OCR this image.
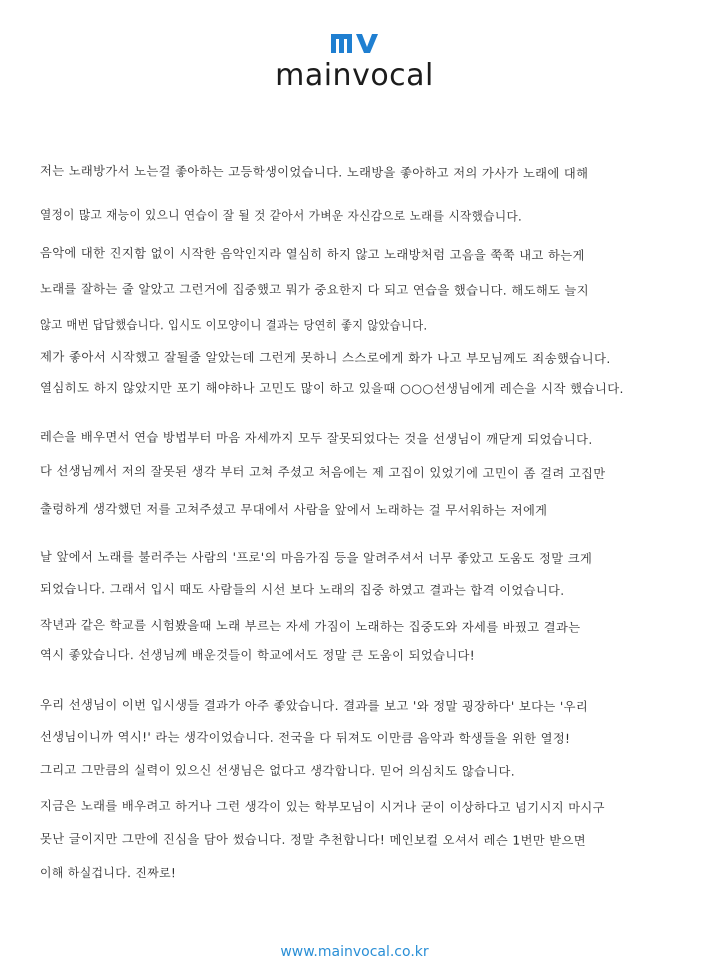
mainvocal
저는 노래방가서 노는걸 좋아하는 고등학생이었습니다. 노래방을 좋아하고 저의 가사가 노래에 대해
열정이 많고 재능이 있으니 연습이 잘 될 것 같아서 가벼운 자신감으로 노래를 시작했습니다.
음악에 대한 진지함 없이 시작한 음악인지라 열심히 하지 않고 노래방처럼 고음을 쭉쭉 내고 하는게
노래를 잘하는 줄 알았고 그런거에 집중했고 뭐가 중요한지 다 되고 연습을 했습니다. 해도해도 늘지
않고 매번 답답했습니다. 입시도 이모양이니 결과는 당연히 좋지 않았습니다.
제가 좋아서 시작했고 잘될줄 알았는데 그런게 못하니 스스로에게 화가 나고 부모님께도 죄송했습니다.
열심히도 하지 않았지만 포기 해야하나 고민도 많이 하고 있을때 ○○○선생님에게 레슨을 시작 했습니다.
레슨을 배우면서 연습 방법부터 마음 자세까지 모두 잘못되었다는 것을 선생님이 깨닫게 되었습니다.
다 선생님께서 저의 잘못된 생각 부터 고쳐 주셨고 처음에는 제 고집이 있었기에 고민이 좀 걸려 고집만
출렁하게 생각했던 저를 고쳐주셨고 무대에서 사람을 앞에서 노래하는 걸 무서워하는 저에게
날 앞에서 노래를 불러주는 사람의 '프로'의 마음가짐 등을 알려주셔서 너무 좋았고 도움도 정말 크게
되었습니다. 그래서 입시 때도 사람들의 시선 보다 노래의 집중 하였고 결과는 합격 이었습니다.
작년과 같은 학교를 시험봤을때 노래 부르는 자세 가짐이 노래하는 집중도와 자세를 바꿨고 결과는
역시 좋았습니다. 선생님께 배운것들이 학교에서도 정말 큰 도움이 되었습니다!
우리 선생님이 이번 입시생들 결과가 아주 좋았습니다. 결과를 보고 '와 정말 굉장하다' 보다는 '우리
선생님이니까 역시!' 라는 생각이었습니다. 전국을 다 뒤져도 이만큼 음악과 학생들을 위한 열정!
그리고 그만큼의 실력이 있으신 선생님은 없다고 생각합니다. 믿어 의심치도 않습니다.
지금은 노래를 배우려고 하거나 그런 생각이 있는 학부모님이 시거나 굳이 이상하다고 넘기시지 마시구
못난 글이지만 그만에 진심을 담아 썼습니다. 정말 추천합니다! 메인보컬 오셔서 레슨 1번만 받으면
이해 하실겁니다. 진짜로!
www.mainvocal.co.kr
